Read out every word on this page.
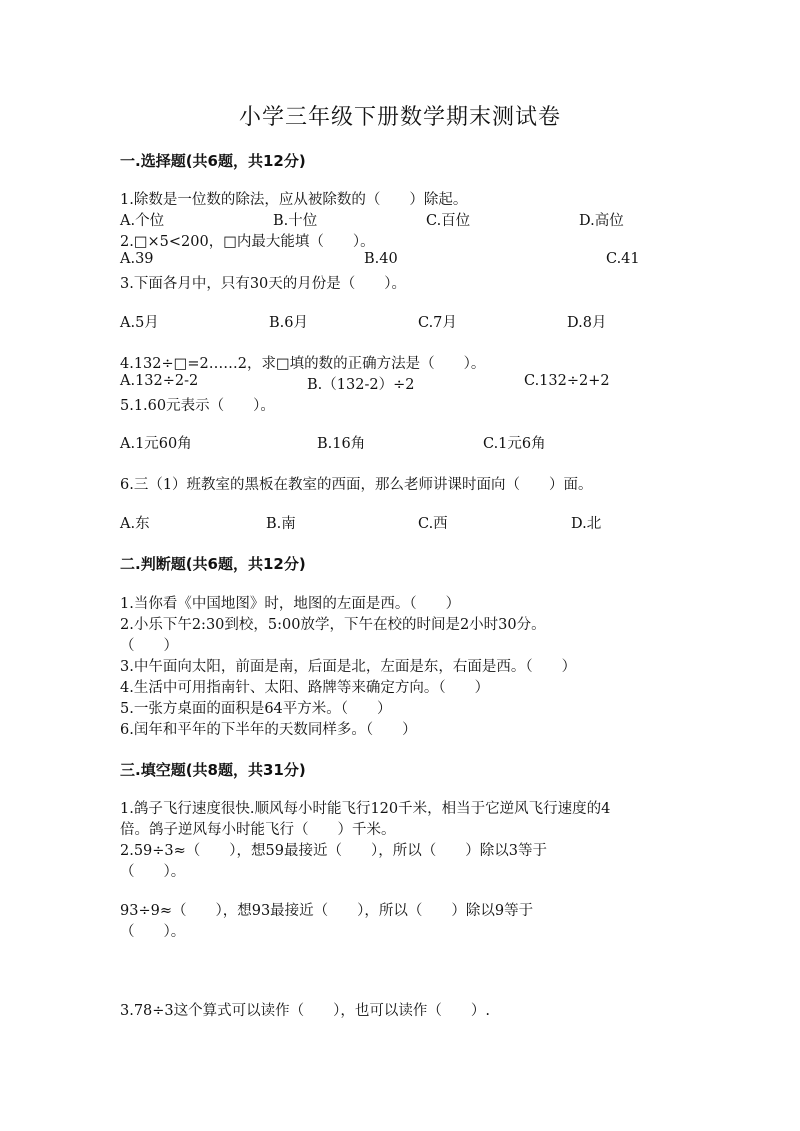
小学三年级下册数学期末测试卷
一.选择题(共6题，共12分)
1.除数是一位数的除法，应从被除数的（　　）除起。
A.个位	B.十位	C.百位	D.高位
2.□×5<200，□内最大能填（　　）。
A.39	B.40	C.41
3.下面各月中，只有30天的月份是（　　）。
A.5月	B.6月	C.7月	D.8月
4.132÷□=2……2，求□填的数的正确方法是（　　）。
A.132÷2-2	B.（132-2）÷2	C.132÷2+2
5.1.60元表示（　　）。
A.1元60角	B.16角	C.1元6角
6.三（1）班教室的黑板在教室的西面，那么老师讲课时面向（　　）面。
A.东	B.南	C.西	D.北
二.判断题(共6题，共12分)
1.当你看《中国地图》时，地图的左面是西。（　　）
2.小乐下午2:30到校，5:00放学，下午在校的时间是2小时30分。
（　　）
3.中午面向太阳，前面是南，后面是北，左面是东，右面是西。（　　）
4.生活中可用指南针、太阳、路牌等来确定方向。（　　）
5.一张方桌面的面积是64平方米。（　　）
6.闰年和平年的下半年的天数同样多。（　　）
三.填空题(共8题，共31分)
1.鸽子飞行速度很快.顺风每小时能飞行120千米，相当于它逆风飞行速度的4
倍。鸽子逆风每小时能飞行（　　）千米。
2.59÷3≈（　　），想59最接近（　　），所以（　　）除以3等于
（　　）。
93÷9≈（　　），想93最接近（　　），所以（　　）除以9等于
（　　）。
3.78÷3这个算式可以读作（　　），也可以读作（　　）.
